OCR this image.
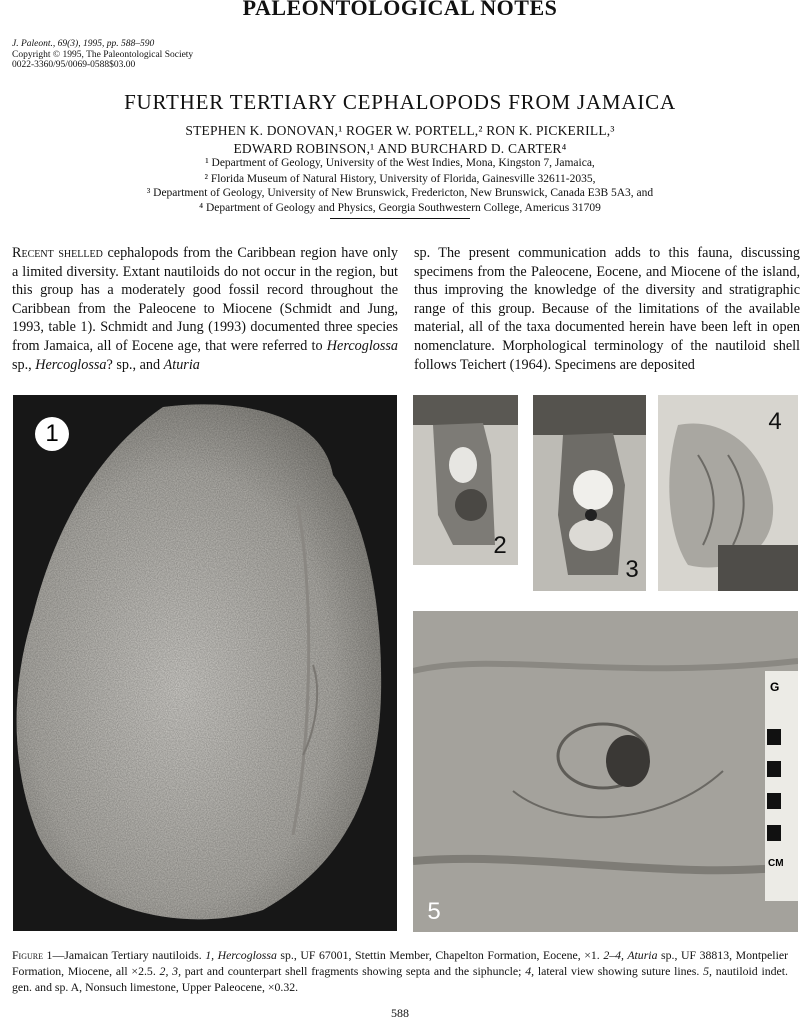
PALEONTOLOGICAL NOTES
J. Paleont., 69(3), 1995, pp. 588–590
Copyright © 1995, The Paleontological Society
0022-3360/95/0069-0588$03.00
FURTHER TERTIARY CEPHALOPODS FROM JAMAICA
STEPHEN K. DONOVAN,¹ ROGER W. PORTELL,² RON K. PICKERILL,³
EDWARD ROBINSON,¹ AND BURCHARD D. CARTER⁴
¹ Department of Geology, University of the West Indies, Mona, Kingston 7, Jamaica,
² Florida Museum of Natural History, University of Florida, Gainesville 32611-2035,
³ Department of Geology, University of New Brunswick, Fredericton, New Brunswick, Canada E3B 5A3, and
⁴ Department of Geology and Physics, Georgia Southwestern College, Americus 31709

Recent shelled cephalopods from the Caribbean region have only a limited diversity. Extant nautiloids do not occur in the region, but this group has a moderately good fossil record throughout the Caribbean from the Paleocene to Miocene (Schmidt and Jung, 1993, table 1). Schmidt and Jung (1993) documented three species from Jamaica, all of Eocene age, that were referred to Hercoglossa sp., Hercoglossa? sp., and Aturia

sp. The present communication adds to this fauna, discussing specimens from the Paleocene, Eocene, and Miocene of the island, thus improving the knowledge of the diversity and stratigraphic range of this group. Because of the limitations of the available material, all of the taxa documented herein have been left in open nomenclature. Morphological terminology of the nautiloid shell follows Teichert (1964). Specimens are deposited

1
2
3
4
G
CM
5
Figure 1—Jamaican Tertiary nautiloids. 1, Hercoglossa sp., UF 67001, Stettin Member, Chapelton Formation, Eocene, ×1. 2–4, Aturia sp., UF 38813, Montpelier Formation, Miocene, all ×2.5. 2, 3, part and counterpart shell fragments showing septa and the siphuncle; 4, lateral view showing suture lines. 5, nautiloid indet. gen. and sp. A, Nonsuch limestone, Upper Paleocene, ×0.32.
588
